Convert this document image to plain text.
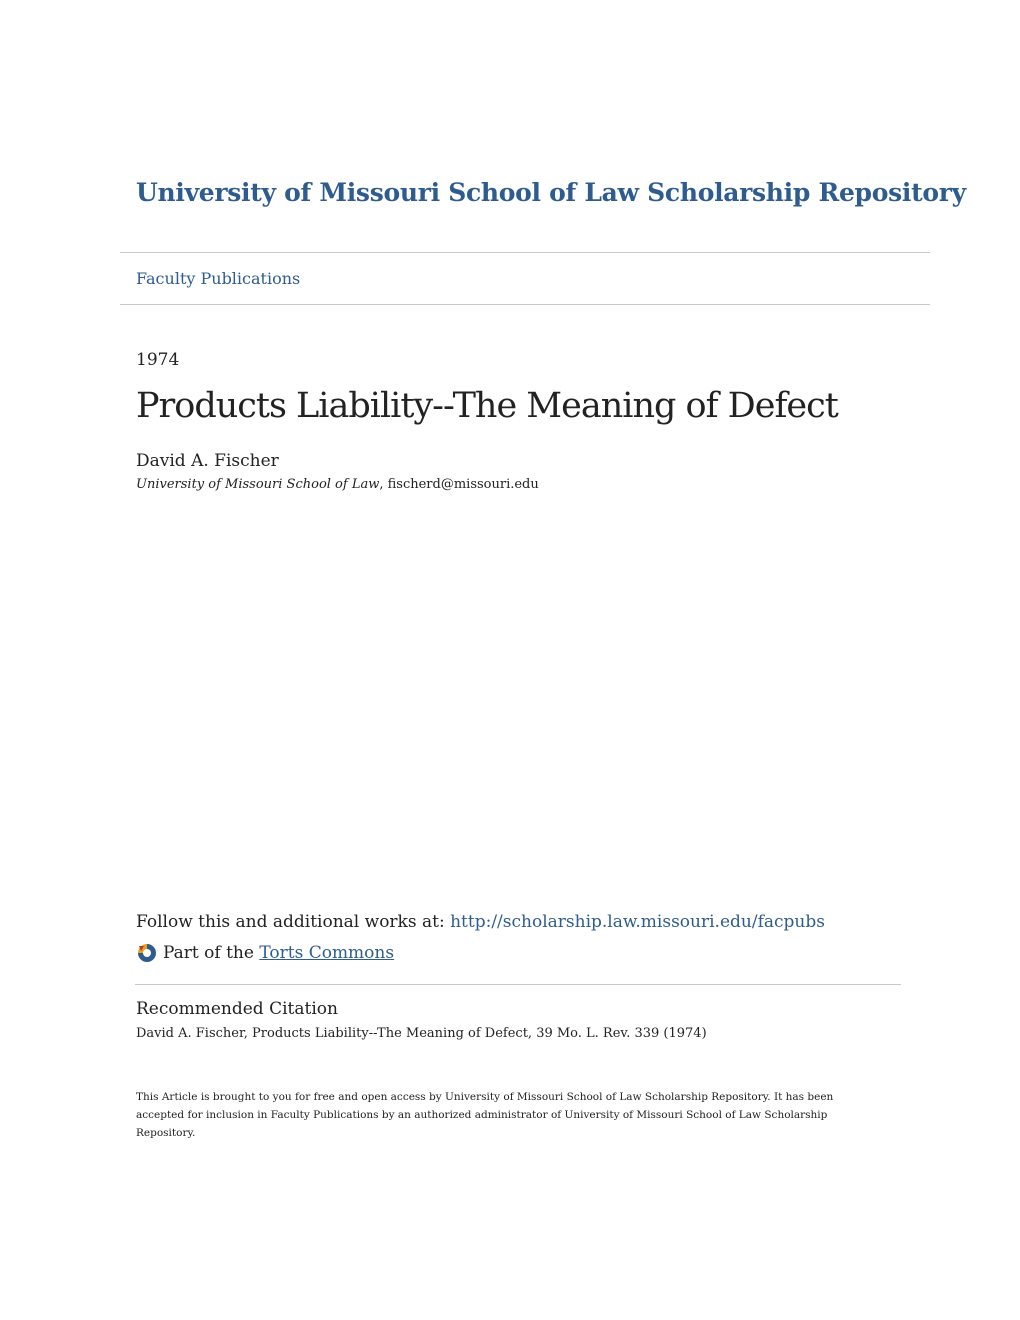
University of Missouri School of Law Scholarship Repository
Faculty Publications
1974
Products Liability--The Meaning of Defect
David A. Fischer
University of Missouri School of Law, fischerd@missouri.edu
Follow this and additional works at: http://scholarship.law.missouri.edu/facpubs
Part of the
Torts Commons
Recommended Citation
David A. Fischer, Products Liability--The Meaning of Defect, 39 Mo. L. Rev. 339 (1974)
This Article is brought to you for free and open access by University of Missouri School of Law Scholarship Repository. It has been accepted for inclusion in Faculty Publications by an authorized administrator of University of Missouri School of Law Scholarship Repository.
